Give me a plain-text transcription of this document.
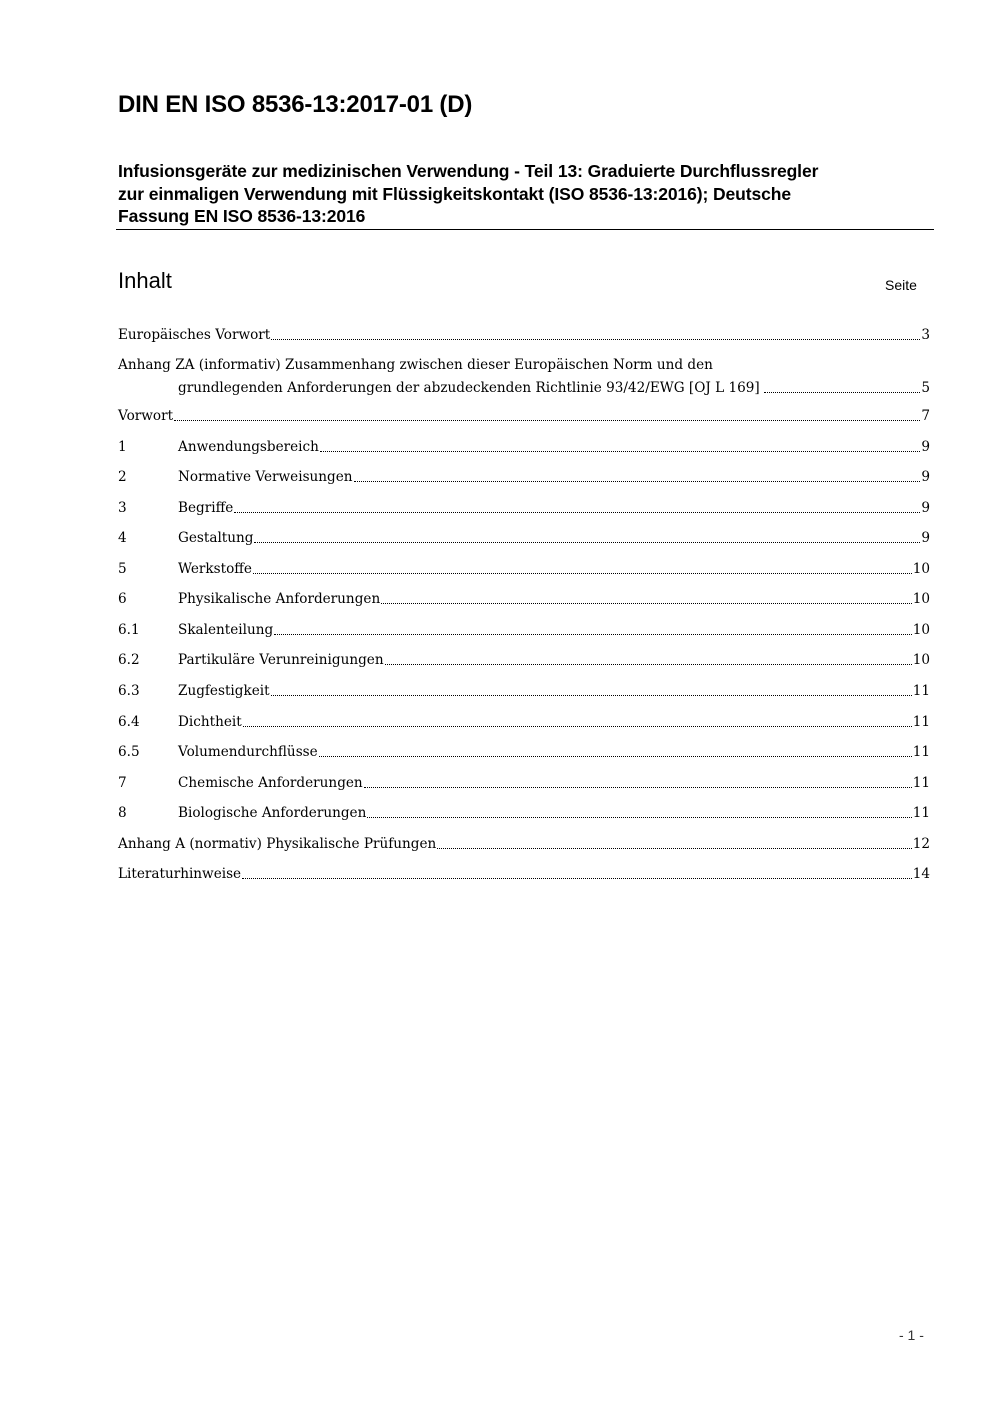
DIN EN ISO 8536-13:2017-01 (D)
Infusionsgeräte zur medizinischen Verwendung - Teil 13: Graduierte Durchflussregler
zur einmaligen Verwendung mit Flüssigkeitskontakt (ISO 8536-13:2016); Deutsche
Fassung EN ISO 8536-13:2016
Inhalt	Seite
Europäisches Vorwort	3
Anhang ZA (informativ) Zusammenhang zwischen dieser Europäischen Norm und den
grundlegenden Anforderungen der abzudeckenden Richtlinie 93/42/EWG [OJ L 169]	5
Vorwort	7
1	Anwendungsbereich	9
2	Normative Verweisungen	9
3	Begriffe	9
4	Gestaltung	9
5	Werkstoffe	10
6	Physikalische Anforderungen	10
6.1	Skalenteilung	10
6.2	Partikuläre Verunreinigungen	10
6.3	Zugfestigkeit	11
6.4	Dichtheit	11
6.5	Volumendurchflüsse	11
7	Chemische Anforderungen	11
8	Biologische Anforderungen	11
Anhang A (normativ) Physikalische Prüfungen	12
Literaturhinweise	14
- 1 -
